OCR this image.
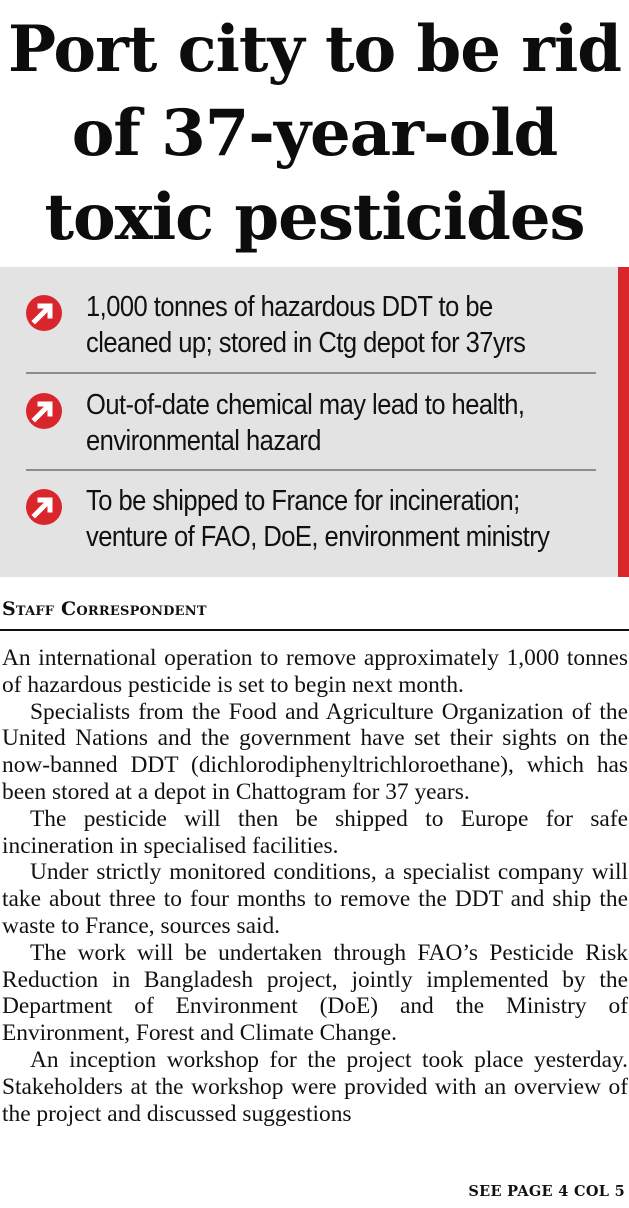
Port city to be rid
of 37-year-old
toxic pesticides
1,000 tonnes of hazardous DDT to be
cleaned up; stored in Ctg depot for 37yrs
Out-of-date chemical may lead to health,
environmental hazard
To be shipped to France for incineration;
venture of FAO, DoE, environment ministry
Staff Correspondent

An international operation to remove approximately 1,000 tonnes of hazardous pesticide is set to begin next month.

Specialists from the Food and Agriculture Organization of the United Nations and the government have set their sights on the now-banned DDT (dichlorodiphenyltrichloroethane), which has been stored at a depot in Chattogram for 37 years.

The pesticide will then be shipped to Europe for safe incineration in specialised facilities.

Under strictly monitored conditions, a specialist company will take about three to four months to remove the DDT and ship the waste to France, sources said.

The work will be undertaken through FAO’s Pesticide Risk Reduction in Bangladesh project, jointly implemented by the Department of Environment (DoE) and the Ministry of Environment, Forest and Climate Change.

An inception workshop for the project took place yesterday. Stakeholders at the workshop were provided with an overview of the project and discussed suggestions

SEE PAGE 4 COL 5
